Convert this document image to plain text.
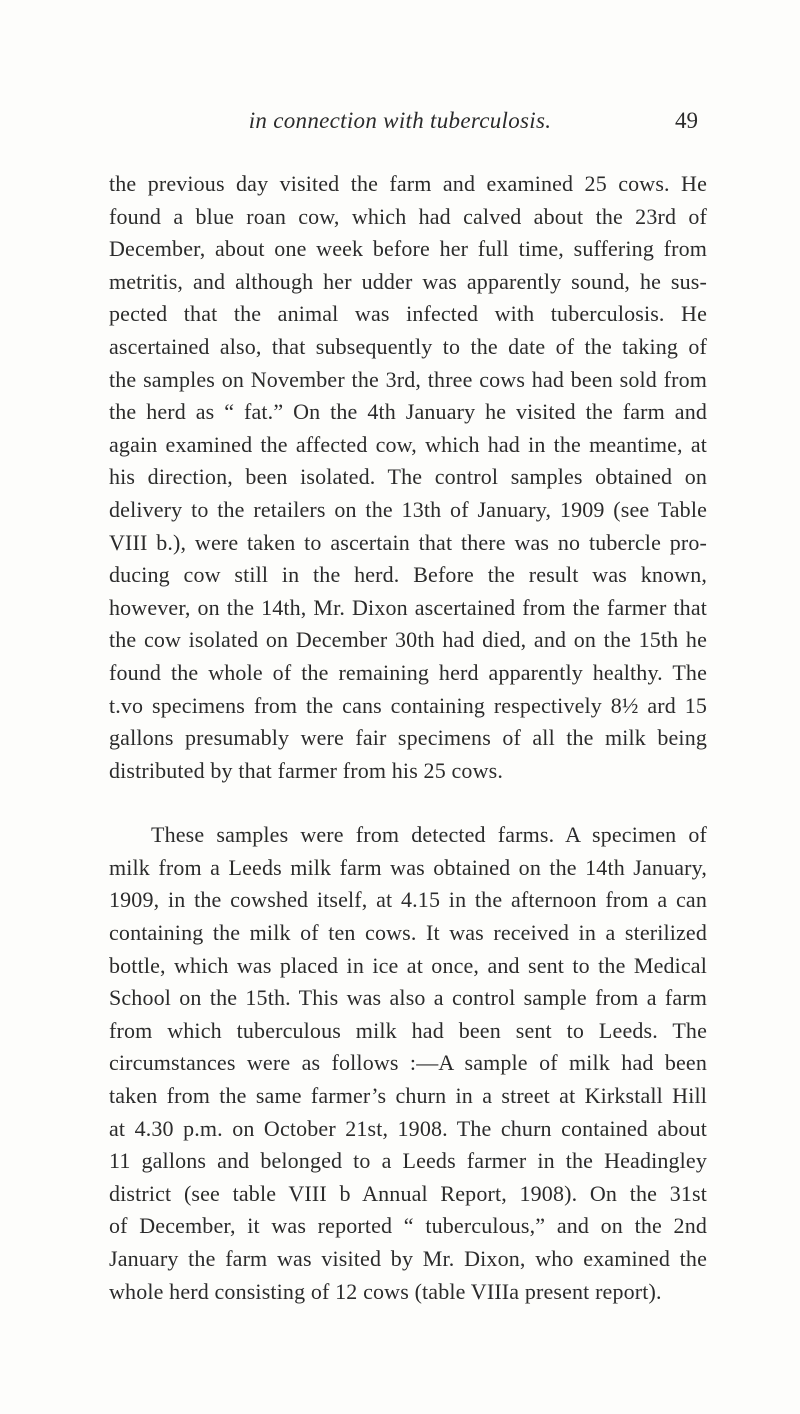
in connection with tuberculosis.	49
the previous day visited the farm and examined 25 cows. He
found a blue roan cow, which had calved about the 23rd of
December, about one week before her full time, suffering from
metritis, and although her udder was apparently sound, he sus-
pected that the animal was infected with tuberculosis. He
ascertained also, that subsequently to the date of the taking of
the samples on November the 3rd, three cows had been sold from
the herd as “ fat.” On the 4th January he visited the farm and
again examined the affected cow, which had in the meantime, at
his direction, been isolated. The control samples obtained on
delivery to the retailers on the 13th of January, 1909 (see Table
VIII b.), were taken to ascertain that there was no tubercle pro-
ducing cow still in the herd. Before the result was known,
however, on the 14th, Mr. Dixon ascertained from the farmer that
the cow isolated on December 30th had died, and on the 15th he
found the whole of the remaining herd apparently healthy. The
t.vo specimens from the cans containing respectively 8½ ard 15
gallons presumably were fair specimens of all the milk being
distributed by that farmer from his 25 cows.
These samples were from detected farms. A specimen of
milk from a Leeds milk farm was obtained on the 14th January,
1909, in the cowshed itself, at 4.15 in the afternoon from a can
containing the milk of ten cows. It was received in a sterilized
bottle, which was placed in ice at once, and sent to the Medical
School on the 15th. This was also a control sample from a farm
from which tuberculous milk had been sent to Leeds. The
circumstances were as follows :—A sample of milk had been
taken from the same farmer’s churn in a street at Kirkstall Hill
at 4.30 p.m. on October 21st, 1908. The churn contained about
11 gallons and belonged to a Leeds farmer in the Headingley
district (see table VIII b Annual Report, 1908). On the 31st
of December, it was reported “ tuberculous,” and on the 2nd
January the farm was visited by Mr. Dixon, who examined the
whole herd consisting of 12 cows (table VIIIa present report).
